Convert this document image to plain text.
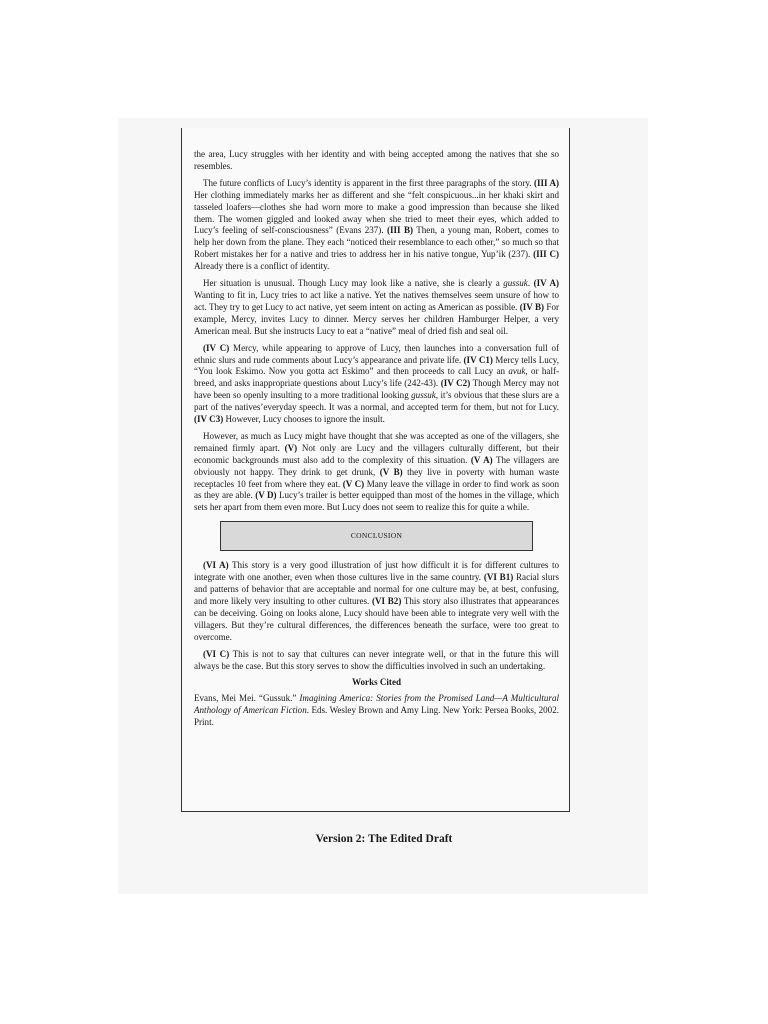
the area, Lucy struggles with her identity and with being accepted among the natives that she so resembles.

The future conflicts of Lucy’s identity is apparent in the first three paragraphs of the story. (III A) Her clothing immediately marks her as different and she “felt conspicuous...in her khaki skirt and tasseled loafers—clothes she had worn more to make a good impression than because she liked them. The women giggled and looked away when she tried to meet their eyes, which added to Lucy’s feeling of self-consciousness” (Evans 237). (III B) Then, a young man, Robert, comes to help her down from the plane. They each “noticed their resemblance to each other,” so much so that Robert mistakes her for a native and tries to address her in his native tongue, Yup’ik (237). (III C) Already there is a conflict of identity.

Her situation is unusual. Though Lucy may look like a native, she is clearly a gussuk. (IV A) Wanting to fit in, Lucy tries to act like a native. Yet the natives themselves seem unsure of how to act. They try to get Lucy to act native, yet seem intent on acting as American as possible. (IV B) For example, Mercy, invites Lucy to dinner. Mercy serves her children Hamburger Helper, a very American meal. But she instructs Lucy to eat a “native” meal of dried fish and seal oil.

(IV C) Mercy, while appearing to approve of Lucy, then launches into a conversation full of ethnic slurs and rude comments about Lucy’s appearance and private life. (IV C1) Mercy tells Lucy, “You look Eskimo. Now you gotta act Eskimo” and then proceeds to call Lucy an avuk, or half-breed, and asks inappropriate questions about Lucy’s life (242-43). (IV C2) Though Mercy may not have been so openly insulting to a more traditional looking gussuk, it’s obvious that these slurs are a part of the natives’everyday speech. It was a normal, and accepted term for them, but not for Lucy. (IV C3) However, Lucy chooses to ignore the insult.

However, as much as Lucy might have thought that she was accepted as one of the villagers, she remained firmly apart. (V) Not only are Lucy and the villagers culturally different, but their economic backgrounds must also add to the complexity of this situation. (V A) The villagers are obviously not happy. They drink to get drunk, (V B) they live in poverty with human waste receptacles 10 feet from where they eat. (V C) Many leave the village in order to find work as soon as they are able. (V D) Lucy’s trailer is better equipped than most of the homes in the village, which sets her apart from them even more. But Lucy does not seem to realize this for quite a while.

CONCLUSION

(VI A) This story is a very good illustration of just how difficult it is for different cultures to integrate with one another, even when those cultures live in the same country. (VI B1) Racial slurs and patterns of behavior that are acceptable and normal for one culture may be, at best, confusing, and more likely very insulting to other cultures. (VI B2) This story also illustrates that appearances can be deceiving. Going on looks alone, Lucy should have been able to integrate very well with the villagers. But they’re cultural differences, the differences beneath the surface, were too great to overcome.

(VI C) This is not to say that cultures can never integrate well, or that in the future this will always be the case. But this story serves to show the difficulties involved in such an undertaking.

Works Cited

Evans, Mei Mei. “Gussuk.” Imagining America: Stories from the Promised Land—A Multicultural Anthology of American Fiction. Eds. Wesley Brown and Amy Ling. New York: Persea Books, 2002. Print.

Version 2: The Edited Draft
